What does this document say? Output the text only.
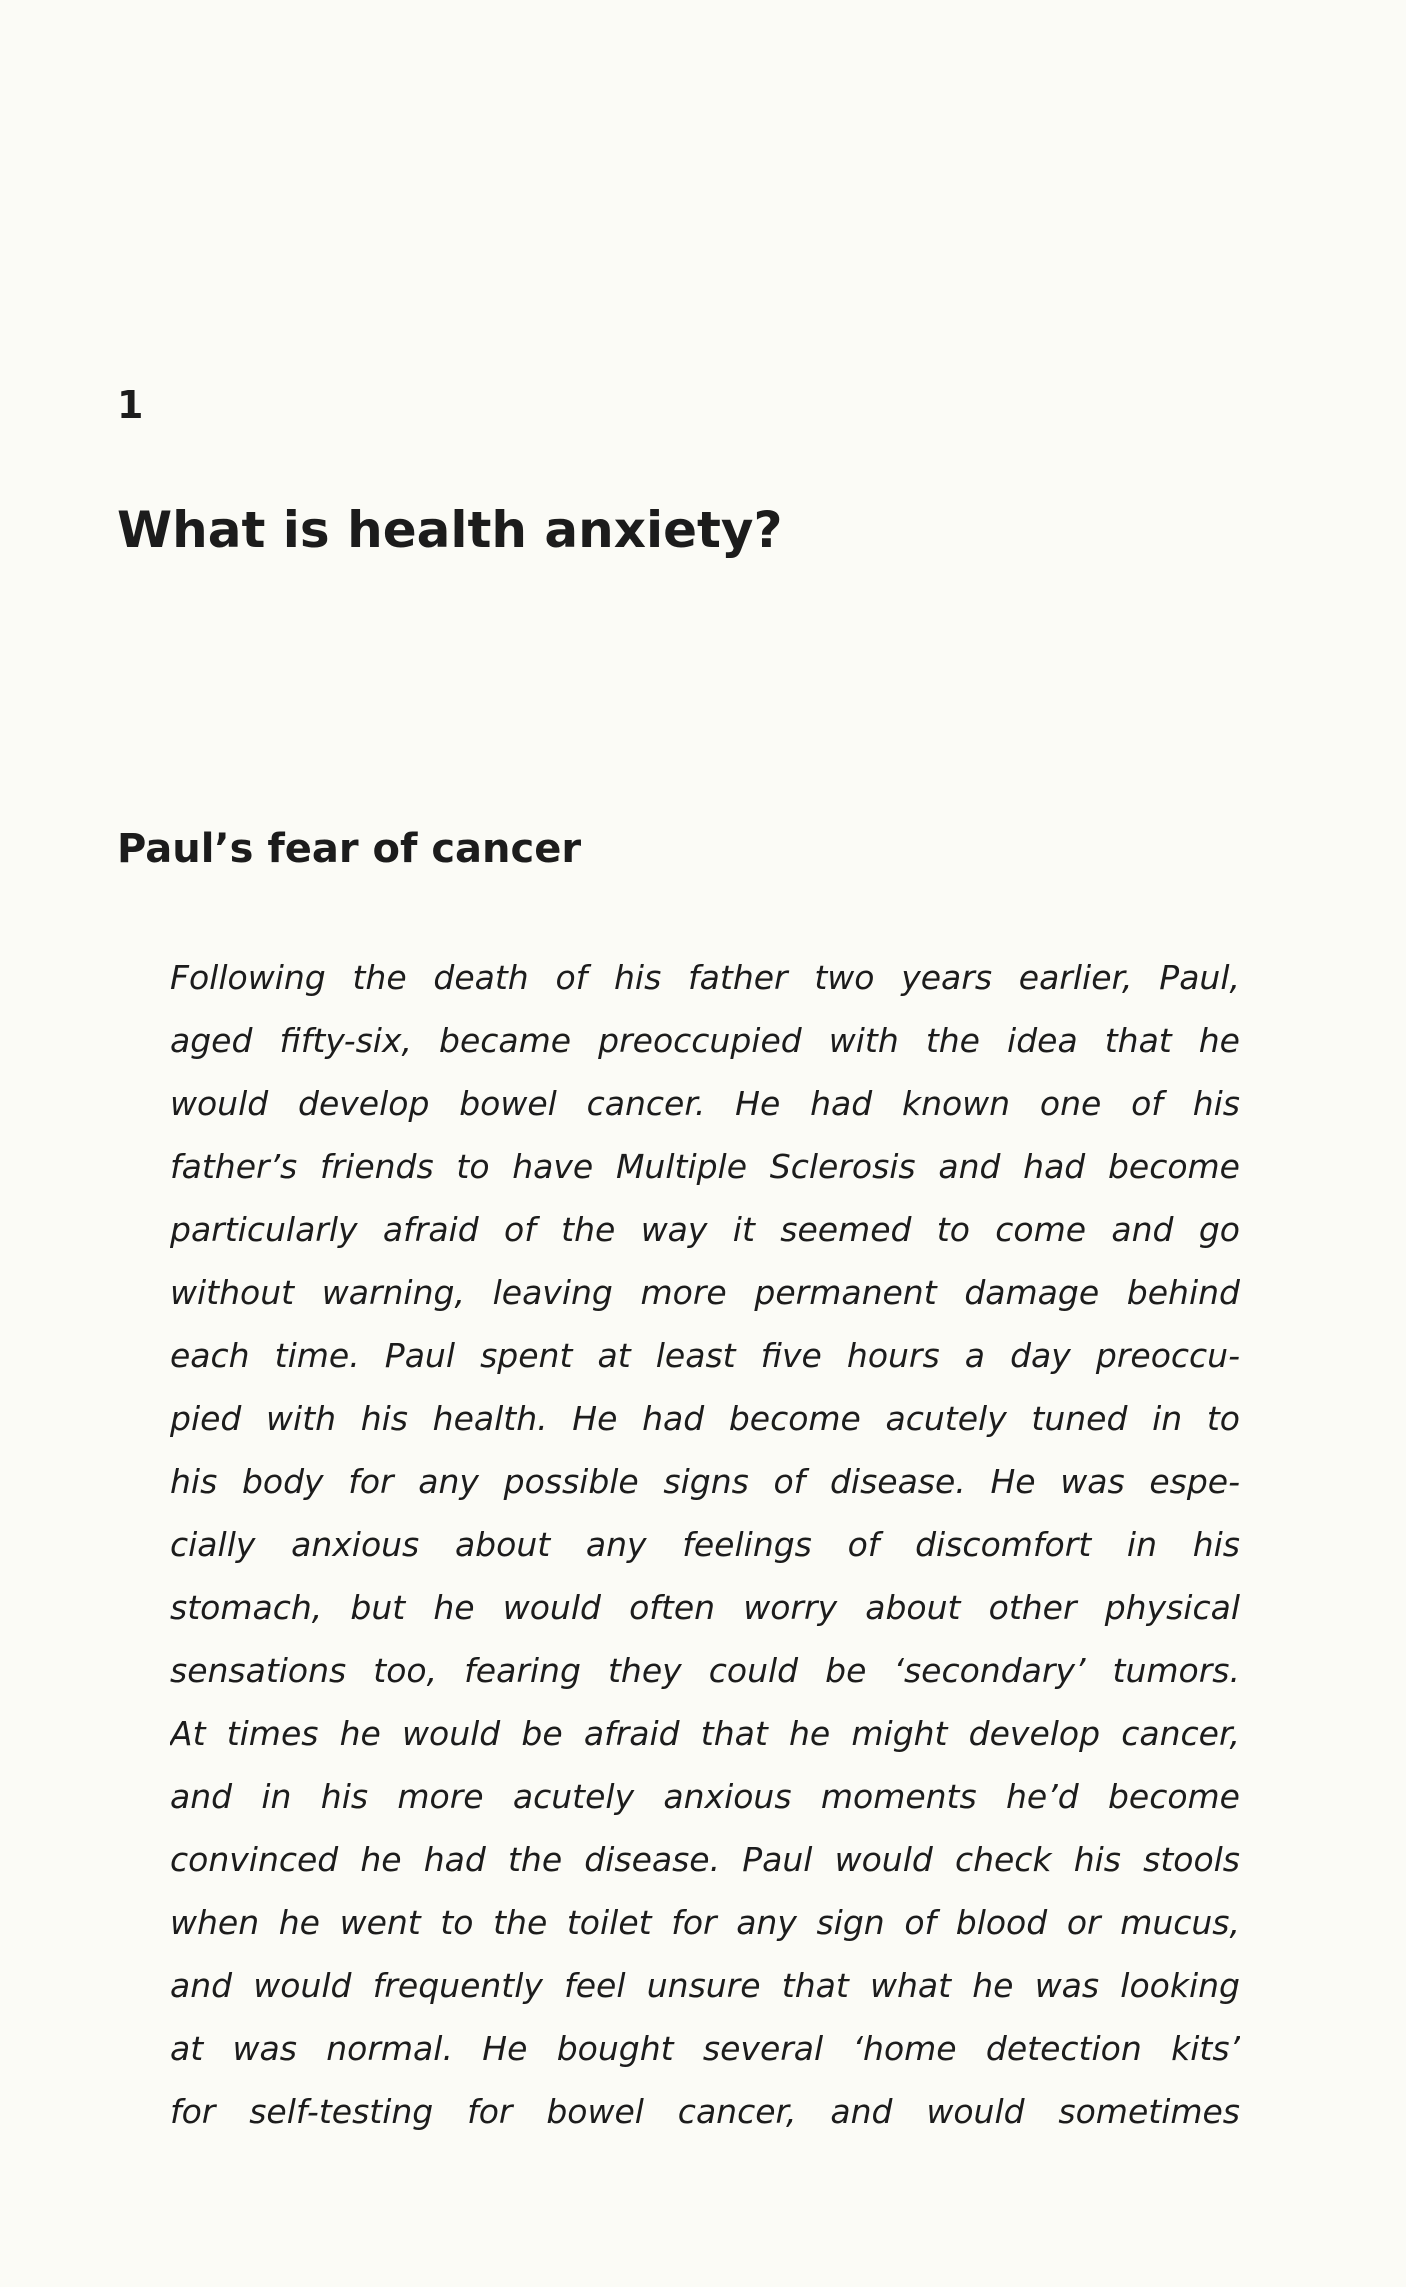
1
What is health anxiety?
Paul’s fear of cancer
Following the death of his father two years earlier, Paul,
aged fifty-six, became preoccupied with the idea that he
would develop bowel cancer. He had known one of his
father’s friends to have Multiple Sclerosis and had become
particularly afraid of the way it seemed to come and go
without warning, leaving more permanent damage behind
each time. Paul spent at least five hours a day preoccu-
pied with his health. He had become acutely tuned in to
his body for any possible signs of disease. He was espe-
cially anxious about any feelings of discomfort in his
stomach, but he would often worry about other physical
sensations too, fearing they could be ‘secondary’ tumors.
At times he would be afraid that he might develop cancer,
and in his more acutely anxious moments he’d become
convinced he had the disease. Paul would check his stools
when he went to the toilet for any sign of blood or mucus,
and would frequently feel unsure that what he was looking
at was normal. He bought several ‘home detection kits’
for self-testing for bowel cancer, and would sometimes
